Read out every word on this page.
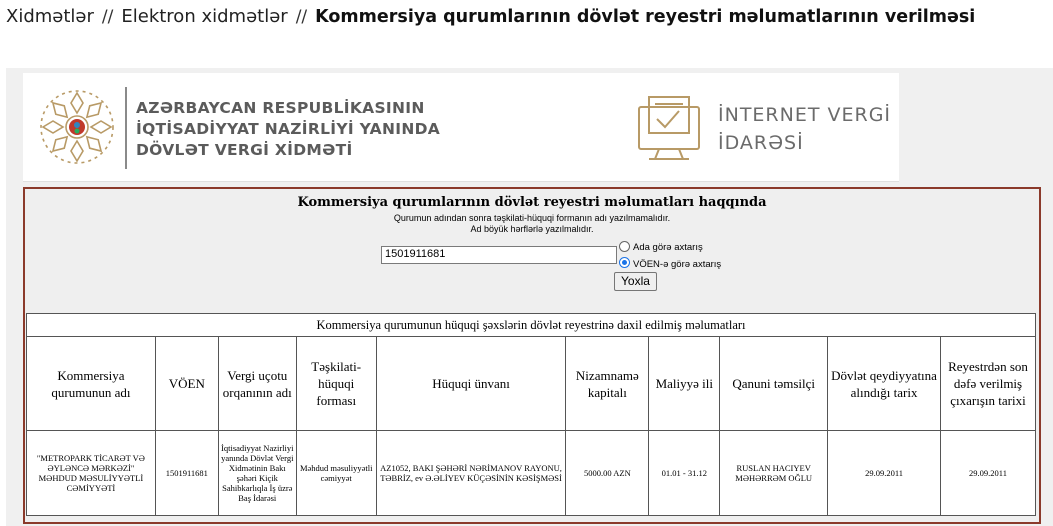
Xidmətlər // Elektron xidmətlər // Kommersiya qurumlarının dövlət reyestri məlumatlarının verilməsi
AZƏRBAYCAN RESPUBLİKASININ
İQTİSADİYYAT NAZİRLİYİ YANINDA
DÖVLƏT VERGİ XİDMƏTİ
İNTERNET VERGİ
İDARƏSİ
Kommersiya qurumlarının dövlət reyestri məlumatları haqqında
Qurumun adından sonra təşkilati-hüquqi formanın adı yazılmamalıdır.
Ad böyük hərflərlə yazılmalıdır.
1501911681
Ada görə axtarış
VÖEN-ə görə axtarış
Yoxla
Kommersiya qurumunun hüquqi şəxslərin dövlət reyestrinə daxil edilmiş məlumatları									
Kommersiya qurumunun adı	VÖEN	Vergi uçotu orqanının adı	Təşkilati-hüquqi forması	Hüquqi ünvanı	Nizamnamə kapitalı	Maliyyə ili	Qanuni təmsilçi	Dövlət qeydiyyatına alındığı tarix	Reyestrdən son dəfə verilmiş çıxarışın tarixi
"METROPARK TİCARƏT VƏ ƏYLƏNCƏ MƏRKƏZİ" MƏHDUD MƏSULİYYƏTLİ CƏMİYYƏTİ	1501911681	İqtisadiyyat Nazirliyi yanında Dövlət Vergi Xidmətinin Bakı şəhəri Kiçik Sahibkarlıqla İş üzrə Baş İdarəsi	Məhdud məsuliyyətli cəmiyyət	AZ1052, BAKI ŞƏHƏRİ NƏRİMANOV RAYONU, TƏBRİZ, ev Ə.ƏLİYEV KÜÇƏSİNİN KƏSİŞMƏSİ	5000.00 AZN	01.01 - 31.12	RUSLAN HACIYEV MƏHƏRRƏM OĞLU	29.09.2011	29.09.2011
